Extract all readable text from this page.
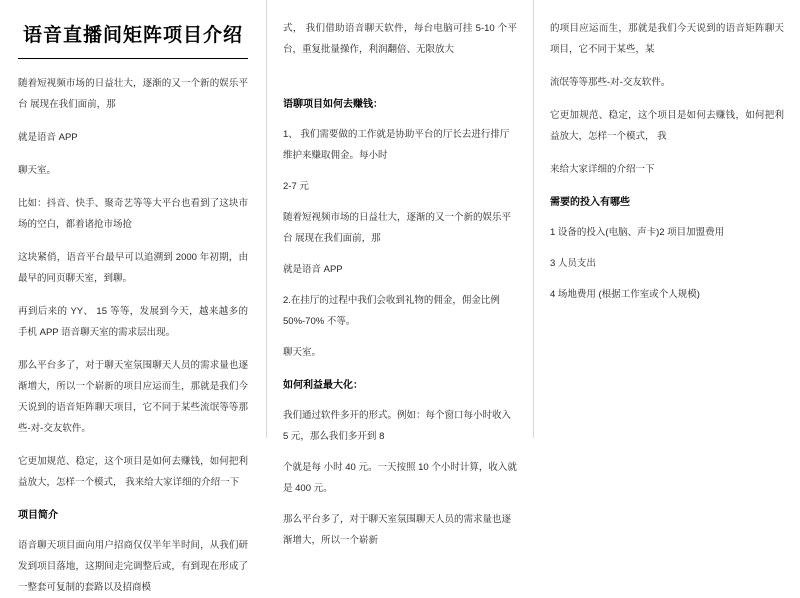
语音直播间矩阵项目介绍

随着短视频市场的日益壮大，逐渐的又一个新的娱乐平台 展现在我们面前，那

就是语音 APP

聊天室。

比如：抖音、快手、聚奇艺等等大平台也看到了这块市场的空白，都着诸抢市场抢

这块紧俏，语音平台最早可以追溯到 2000 年初期，由最早的同页聊天室，到聊。

再到后来的 YY、 15 等等，发展到今天，越来越多的手机 APP 语音聊天室的需求层出现。

那么平台多了，对于聊天室氛围聊天人员的需求量也逐渐增大，所以一个崭新的项目应运而生，那就是我们今天说到的语音矩阵聊天项目，它不同于某些流氓等等那些-对-交友软件。

它更加规范、稳定，这个项目是如何去赚钱，如何把利益放大，怎样一个模式， 我来给大家详细的介绍一下

项目简介

语音聊天项目面向用户招商仅仅半年半时间，从我们研发到项目落地，这期间走完调整后或，有到现在形成了一整套可复制的套路以及招商模

式， 我们借助语音聊天软件，每台电脑可挂 5-10 个平台，重复批量操作，利润翻倍、无限放大

语聊项目如何去赚钱：

1、 我们需要做的工作就是协助平台的厅长去进行排厅维护来赚取佣金。每小时

2-7 元

随着短视频市场的日益壮大，逐渐的又一个新的娱乐平台 展现在我们面前，那

就是语音 APP

2.在挂厅的过程中我们会收到礼物的佣金，佣金比例 50%-70% 不等。

聊天室。

如何利益最大化：

我们通过软件多开的形式。例如：每个窗口每小时收入 5 元，那么我们多开到 8

个就是每 小时 40 元。一天按照 10 个小时计算，收入就是 400 元。

那么平台多了，对于聊天室氛围聊天人员的需求量也逐渐增大，所以一个崭新

的项目应运而生，那就是我们今天说到的语音矩阵聊天项目，它不同于某些，某

流氓等等那些-对-交友软件。

它更加规范、稳定，这个项目是如何去赚钱，如何把利益放大，怎样一个模式， 我

来给大家详细的介绍一下

需要的投入有哪些

1 设备的投入(电脑、声卡)2 项目加盟费用

3 人员支出

4 场地费用 (根据工作室或个人规模)
